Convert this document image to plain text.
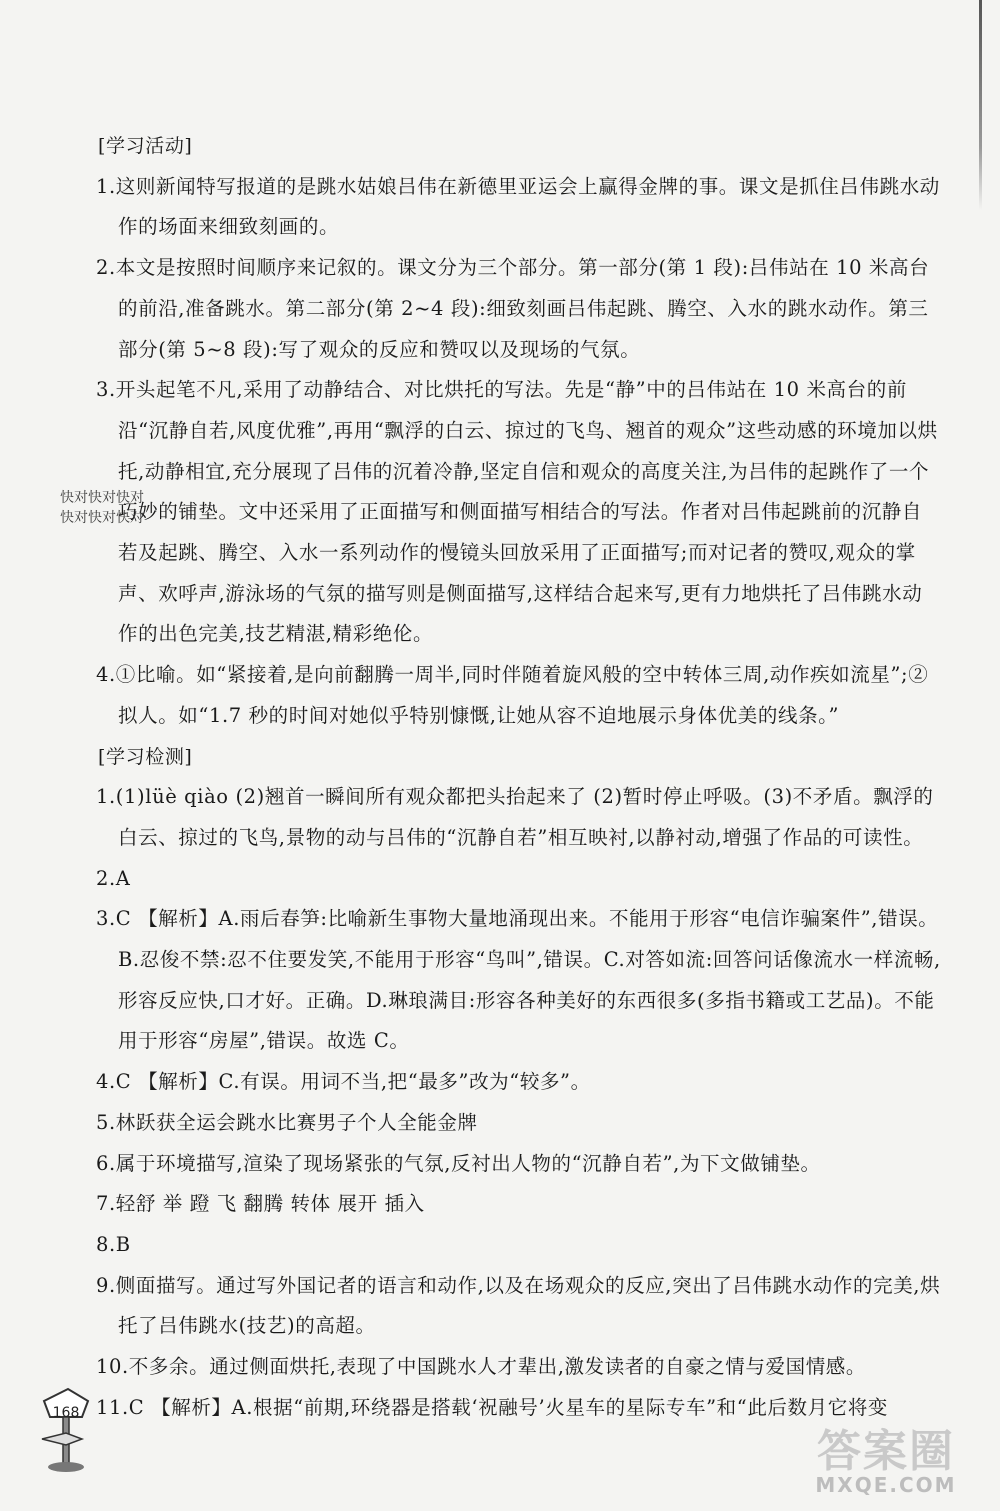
[学习活动]
1.这则新闻特写报道的是跳水姑娘吕伟在新德里亚运会上赢得金牌的事。课文是抓住吕伟跳水动作的场面来细致刻画的。
2.本文是按照时间顺序来记叙的。课文分为三个部分。第一部分(第 1 段):吕伟站在 10 米高台的前沿,准备跳水。第二部分(第 2~4 段):细致刻画吕伟起跳、腾空、入水的跳水动作。第三部分(第 5~8 段):写了观众的反应和赞叹以及现场的气氛。
3.开头起笔不凡,采用了动静结合、对比烘托的写法。先是“静”中的吕伟站在 10 米高台的前沿“沉静自若,风度优雅”,再用“飘浮的白云、掠过的飞鸟、翘首的观众”这些动感的环境加以烘托,动静相宜,充分展现了吕伟的沉着冷静,坚定自信和观众的高度关注,为吕伟的起跳作了一个巧妙的铺垫。文中还采用了正面描写和侧面描写相结合的写法。作者对吕伟起跳前的沉静自若及起跳、腾空、入水一系列动作的慢镜头回放采用了正面描写;而对记者的赞叹,观众的掌声、欢呼声,游泳场的气氛的描写则是侧面描写,这样结合起来写,更有力地烘托了吕伟跳水动作的出色完美,技艺精湛,精彩绝伦。
4.①比喻。如“紧接着,是向前翻腾一周半,同时伴随着旋风般的空中转体三周,动作疾如流星”;②拟人。如“1.7 秒的时间对她似乎特别慷慨,让她从容不迫地展示身体优美的线条。”
[学习检测]
1.(1)lüè qiào (2)翘首一瞬间所有观众都把头抬起来了 (2)暂时停止呼吸。(3)不矛盾。飘浮的白云、掠过的飞鸟,景物的动与吕伟的“沉静自若”相互映衬,以静衬动,增强了作品的可读性。
2.A
3.C 【解析】A.雨后春笋:比喻新生事物大量地涌现出来。不能用于形容“电信诈骗案件”,错误。B.忍俊不禁:忍不住要发笑,不能用于形容“鸟叫”,错误。C.对答如流:回答问话像流水一样流畅,形容反应快,口才好。正确。D.琳琅满目:形容各种美好的东西很多(多指书籍或工艺品)。不能用于形容“房屋”,错误。故选 C。
4.C 【解析】C.有误。用词不当,把“最多”改为“较多”。
5.林跃获全运会跳水比赛男子个人全能金牌
6.属于环境描写,渲染了现场紧张的气氛,反衬出人物的“沉静自若”,为下文做铺垫。
7.轻舒 举 蹬 飞 翻腾 转体 展开 插入
8.B
9.侧面描写。通过写外国记者的语言和动作,以及在场观众的反应,突出了吕伟跳水动作的完美,烘托了吕伟跳水(技艺)的高超。
10.不多余。通过侧面烘托,表现了中国跳水人才辈出,激发读者的自豪之情与爱国情感。
11.C 【解析】A.根据“前期,环绕器是搭载‘祝融号’火星车的星际专车”和“此后数月它将变
快对快对快对
快对快对快对
168
答案圈
MXQE.COM
